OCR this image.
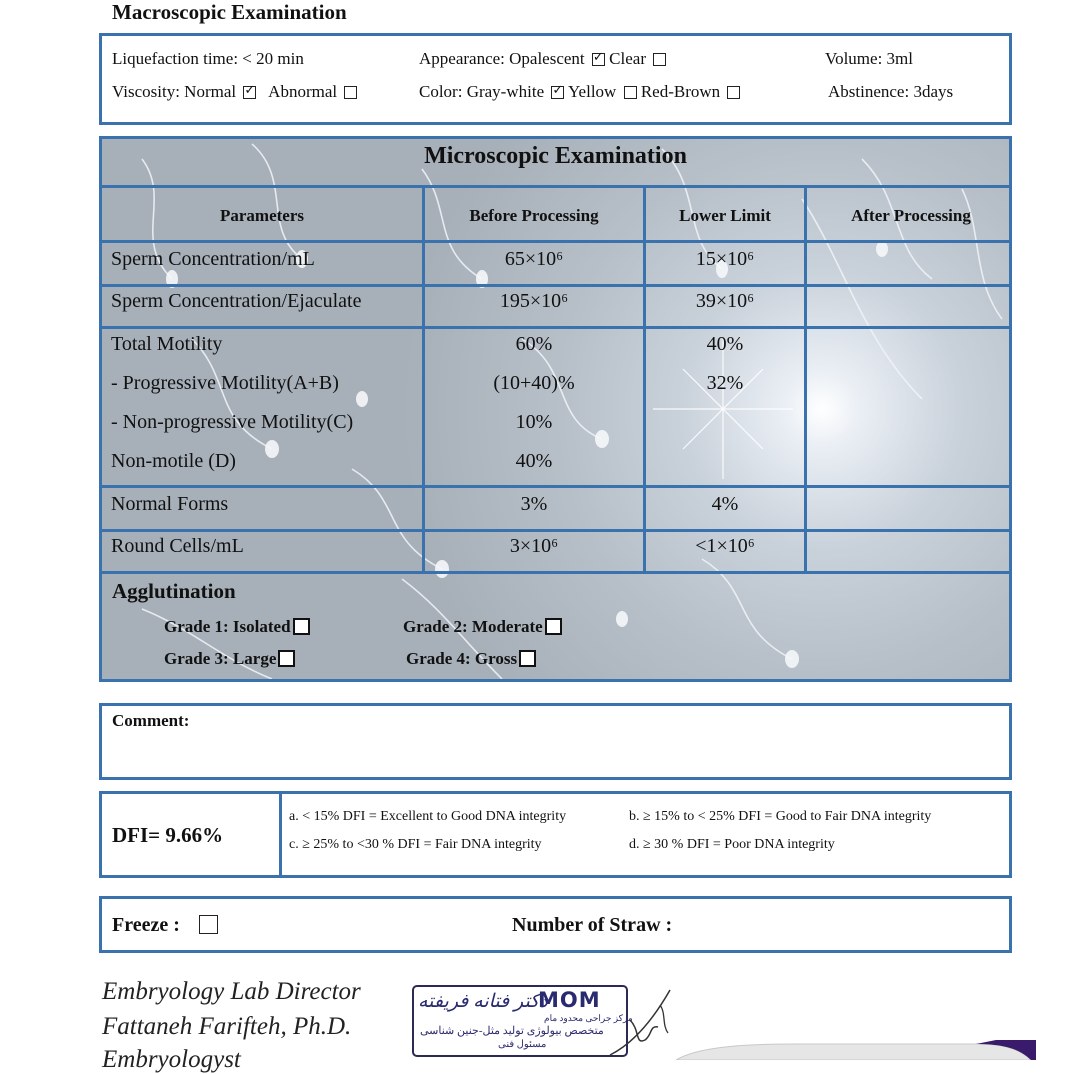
Macroscopic Examination
Liquefaction time: < 20 min	Appearance: Opalescent ✓ Clear	Volume: 3ml
Viscosity: Normal ✓ Abnormal	Color: Gray-white ✓ Yellow Red-Brown	Abstinence: 3days
Microscopic Examination
Parameters	Before Processing	Lower Limit	After Processing
Sperm Concentration/mL	65×10⁶	15×10⁶
Sperm Concentration/Ejaculate	195×10⁶	39×10⁶
Total Motility	60%	40%
- Progressive Motility(A+B)	(10+40)%	32%
- Non-progressive Motility(C)	10%
Non-motile (D)	40%
Normal Forms	3%	4%
Round Cells/mL	3×10⁶	<1×10⁶
Agglutination
Grade 1: Isolated	Grade 2: Moderate
Grade 3: Large	Grade 4: Gross
Comment:
DFI= 9.66%
a. < 15% DFI = Excellent to Good DNA integrity	b. ≥ 15% to < 25% DFI = Good to Fair DNA integrity
c. ≥ 25% to <30 % DFI = Fair DNA integrity	d. ≥ 30 % DFI = Poor DNA integrity
Freeze :	Number of Straw :
Embryology Lab Director
Fattaneh Farifteh, Ph.D.
Embryologyst
MOM
دکتر فتانه فریفته
مرکز جراحی محدود مام
متخصص بیولوژی تولید مثل-جنین شناسی
مسئول فنی
